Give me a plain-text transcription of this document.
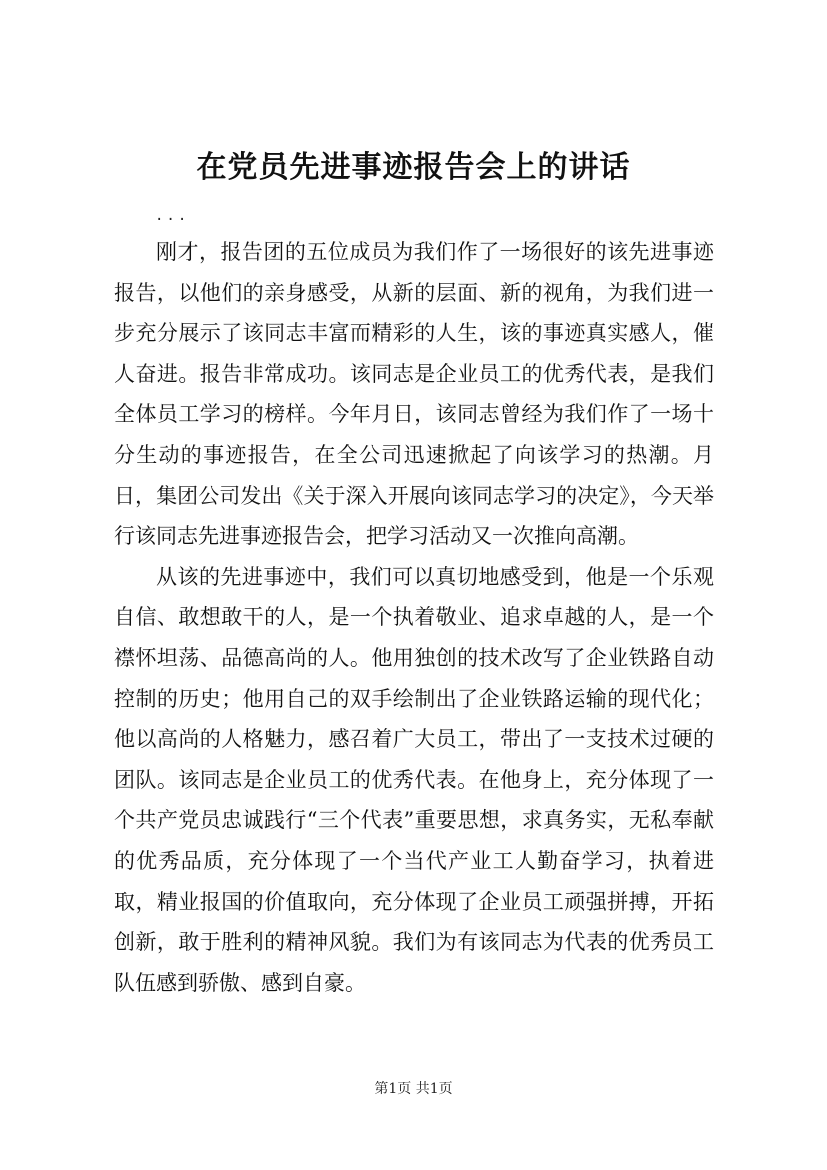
在党员先进事迹报告会上的讲话
...

刚才，报告团的五位成员为我们作了一场很好的该先进事迹报告，以他们的亲身感受，从新的层面、新的视角，为我们进一步充分展示了该同志丰富而精彩的人生，该的事迹真实感人，催人奋进。报告非常成功。该同志是企业员工的优秀代表，是我们全体员工学习的榜样。今年月日，该同志曾经为我们作了一场十分生动的事迹报告，在全公司迅速掀起了向该学习的热潮。月日，集团公司发出《关于深入开展向该同志学习的决定》，今天举行该同志先进事迹报告会，把学习活动又一次推向高潮。

从该的先进事迹中，我们可以真切地感受到，他是一个乐观自信、敢想敢干的人，是一个执着敬业、追求卓越的人，是一个襟怀坦荡、品德高尚的人。他用独创的技术改写了企业铁路自动控制的历史；他用自己的双手绘制出了企业铁路运输的现代化；他以高尚的人格魅力，感召着广大员工，带出了一支技术过硬的团队。该同志是企业员工的优秀代表。在他身上，充分体现了一个共产党员忠诚践行“三个代表”重要思想，求真务实，无私奉献的优秀品质，充分体现了一个当代产业工人勤奋学习，执着进取，精业报国的价值取向，充分体现了企业员工顽强拼搏，开拓创新，敢于胜利的精神风貌。我们为有该同志为代表的优秀员工队伍感到骄傲、感到自豪。

第1页 共1页
